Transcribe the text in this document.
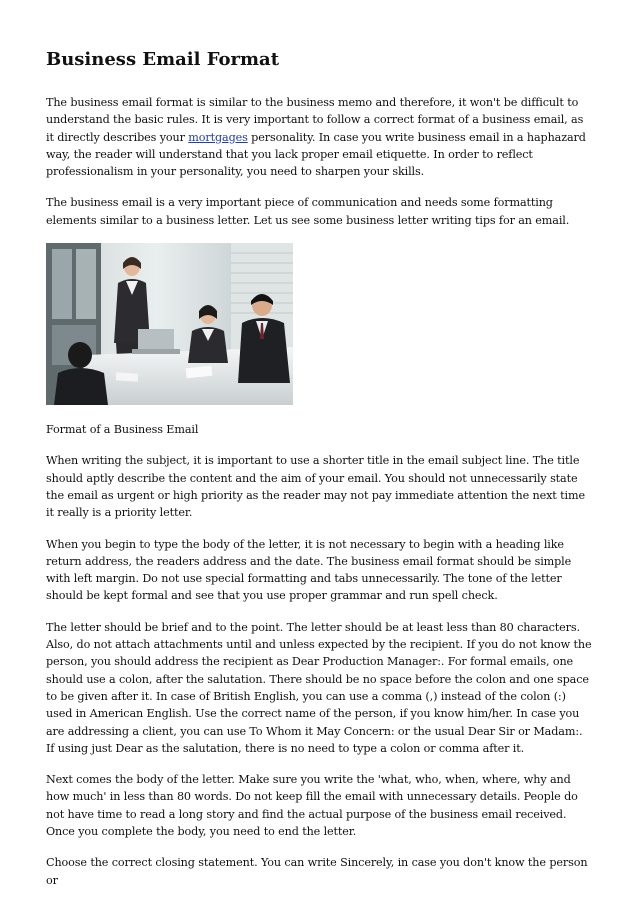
Business Email Format

The business email format is similar to the business memo and therefore, it won't be difficult to understand the basic rules. It is very important to follow a correct format of a business email, as it directly describes your mortgages personality. In case you write business email in a haphazard way, the reader will understand that you lack proper email etiquette. In order to reflect professionalism in your personality, you need to sharpen your skills.

The business email is a very important piece of communication and needs some formatting elements similar to a business letter. Let us see some business letter writing tips for an email.

Format of a Business Email

When writing the subject, it is important to use a shorter title in the email subject line. The title should aptly describe the content and the aim of your email. You should not unnecessarily state the email as urgent or high priority as the reader may not pay immediate attention the next time it really is a priority letter.

When you begin to type the body of the letter, it is not necessary to begin with a heading like return address, the readers address and the date. The business email format should be simple with left margin. Do not use special formatting and tabs unnecessarily. The tone of the letter should be kept formal and see that you use proper grammar and run spell check.

The letter should be brief and to the point. The letter should be at least less than 80 characters. Also, do not attach attachments until and unless expected by the recipient. If you do not know the person, you should address the recipient as Dear Production Manager:. For formal emails, one should use a colon, after the salutation. There should be no space before the colon and one space to be given after it. In case of British English, you can use a comma (,) instead of the colon (:) used in American English. Use the correct name of the person, if you know him/her. In case you are addressing a client, you can use To Whom it May Concern: or the usual Dear Sir or Madam:. If using just Dear as the salutation, there is no need to type a colon or comma after it.

Next comes the body of the letter. Make sure you write the 'what, who, when, where, why and how much' in less than 80 words. Do not keep fill the email with unnecessary details. People do not have time to read a long story and find the actual purpose of the business email received. Once you complete the body, you need to end the letter.

Choose the correct closing statement. You can write Sincerely, in case you don't know the person or
